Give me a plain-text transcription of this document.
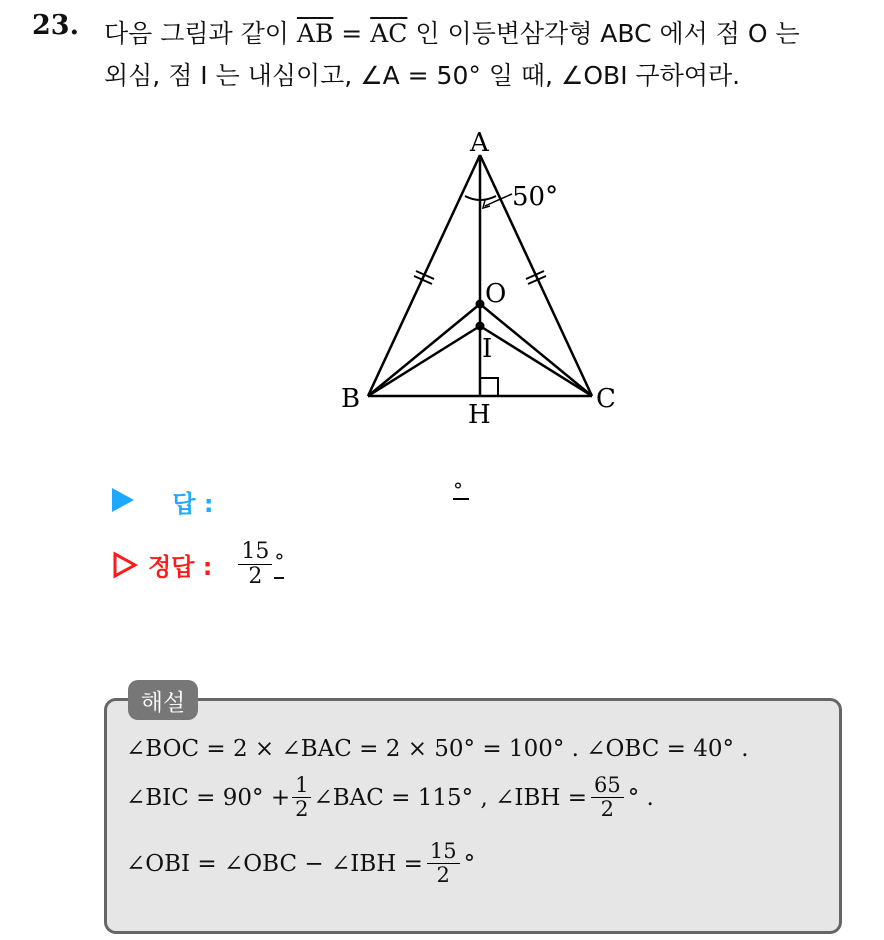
23. 다음 그림과 같이 $\overline{AB} = \overline{AC}$ 인 이등변삼각형 ABC 에서 점 O 는
외심, 점 I 는 내심이고, ∠A = 50° 일 때, ∠OBI 구하여라.
A
B	C
O
I
H
50°
답 :	°
정답 : $\frac{15}{2}$ °
해설
∠BOC = 2 × ∠BAC = 2 × 50° = 100° . ∠OBC = 40° .
∠BIC = $90^\circ + \frac{1}{2}$ ∠BAC = 115° , ∠IBH = $\frac{65}{2}$ ° .
∠OBI = ∠OBC − ∠IBH = $\frac{15}{2}$ °
